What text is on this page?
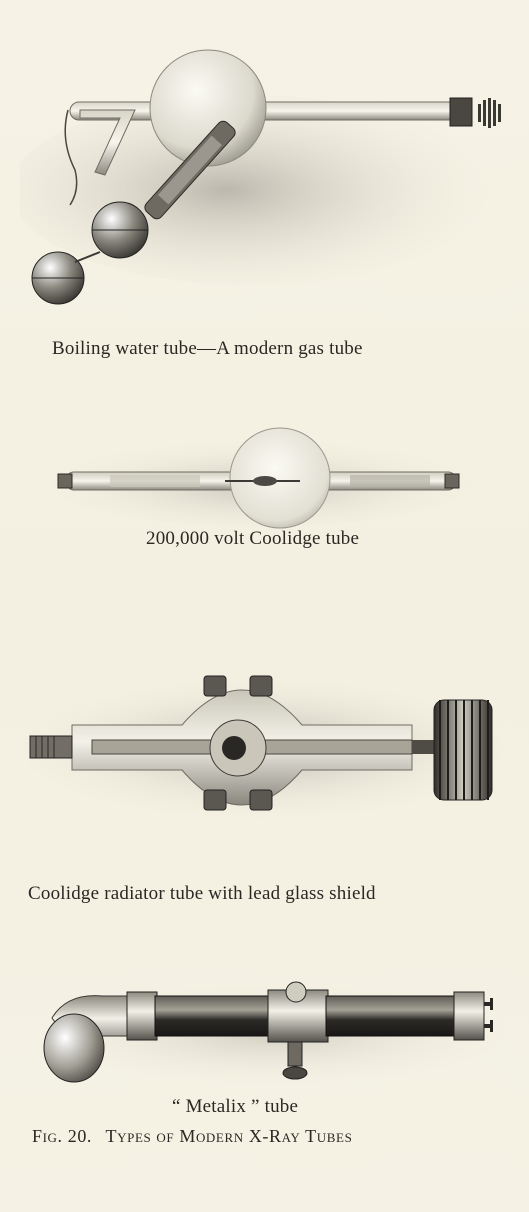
Boiling water tube—A modern gas tube
200,000 volt Coolidge tube
Coolidge radiator tube with lead glass shield
“ Metalix ” tube
Fig. 20. Types of Modern X-Ray Tubes
